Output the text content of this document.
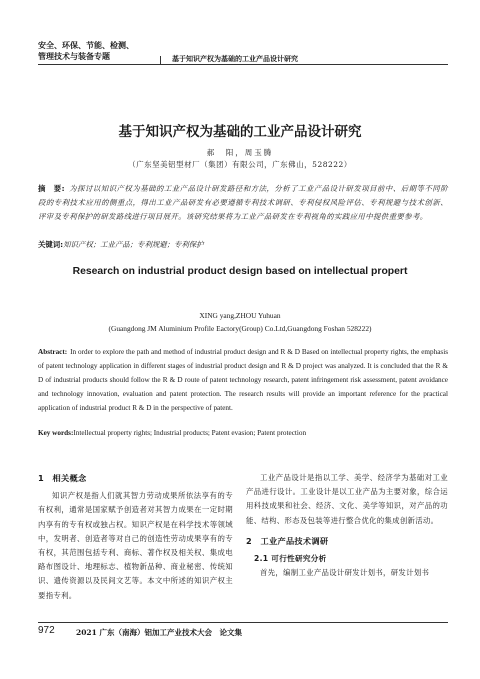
安全、环保、节能、检测、
管理技术与装备专题	基于知识产权为基础的工业产品设计研究
基于知识产权为基础的工业产品设计研究
郝　阳，周玉腾
（广东坚美铝型材厂（集团）有限公司，广东佛山，528222）
摘　要: 为探讨以知识产权为基础的工业产品设计研发路径和方法，分析了工业产品设计研发项目前中、后期等不同阶段的专利技术应用的侧重点，得出工业产品研发有必要遵循专利技术调研、专利侵权风险评估、专利规避与技术创新、评审及专利保护的研发路线进行项目展开。该研究结果将为工业产品研发在专利视角的实践应用中提供重要参考。
关键词:知识产权；工业产品；专利规避；专利保护
Research on industrial product design based on intellectual propert
XING yang,ZHOU Yuhuan
(Guangdong JM Aluminium Profile Eactory(Group) Co.Ltd,Guangdong Foshan 528222)
Abstract: In order to explore the path and method of industrial product design and R & D Based on intellectual property rights, the emphasis of patent technology application in different stages of industrial product design and R & D project was analyzed. It is concluded that the R & D of industrial products should follow the R & D route of patent technology research, patent infringement risk assessment, patent avoidance and technology innovation, evaluation and patent protection. The research results will provide an important reference for the practical application of industrial product R & D in the perspective of patent.
Key words:Intellectual property rights; Industrial products; Patent evasion; Patent protection

1　相关概念

知识产权是指人们就其智力劳动成果所依法享有的专有权利，通常是国家赋予创造者对其智力成果在一定时期内享有的专有权或独占权。知识产权是在科学技术等领域中，发明者、创造者等对自己的创造性劳动成果享有的专有权，其范围包括专利、商标、著作权及相关权、集成电路布图设计、地理标志、植物新品种、商业秘密、传统知识、遗传资源以及民间文艺等。本文中所述的知识产权主要指专利。

工业产品设计是指以工学、美学、经济学为基础对工业产品进行设计。工业设计是以工业产品为主要对象，综合运用科技成果和社会、经济、文化、美学等知识，对产品的功能、结构、形态及包装等进行整合优化的集成创新活动。

2　工业产品技术调研

2.1 可行性研究分析

首先，编制工业产品设计研发计划书，研发计划书

972	2021 广东（南海）铝加工产业技术大会　论文集
